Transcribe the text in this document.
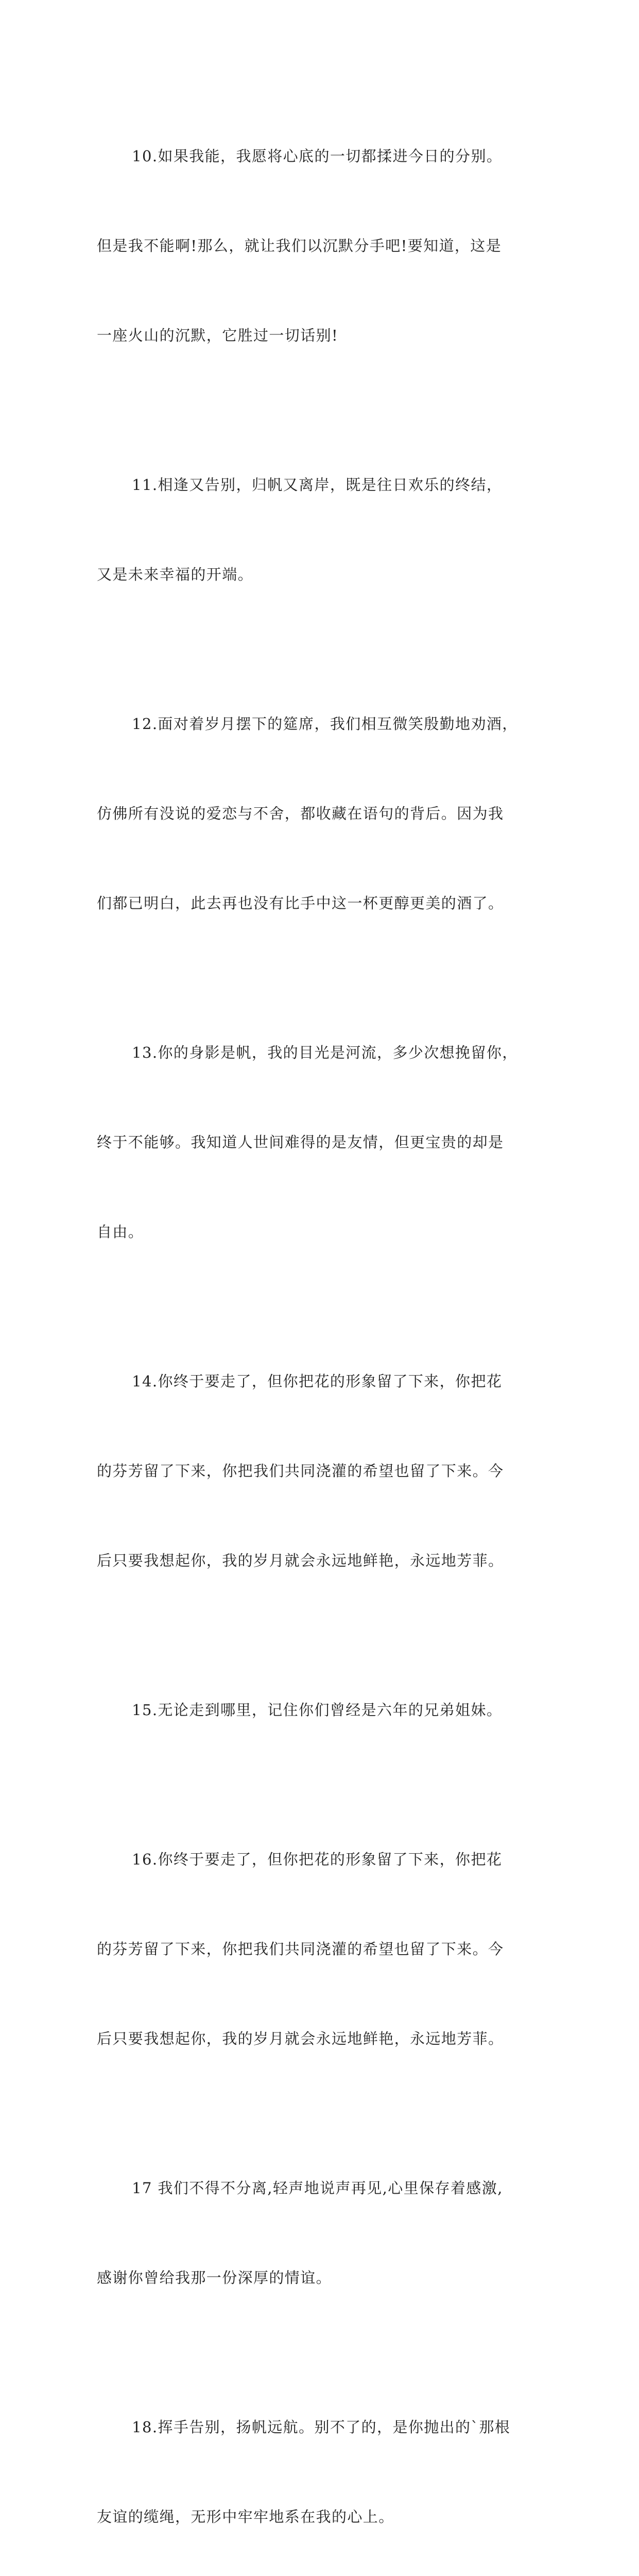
10.如果我能，我愿将心底的一切都揉进今日的分别。

但是我不能啊!那么，就让我们以沉默分手吧!要知道，这是

一座火山的沉默，它胜过一切话别!

11.相逢又告别，归帆又离岸，既是往日欢乐的终结，

又是未来幸福的开端。

12.面对着岁月摆下的筵席，我们相互微笑殷勤地劝酒，

仿佛所有没说的爱恋与不舍，都收藏在语句的背后。因为我

们都已明白，此去再也没有比手中这一杯更醇更美的酒了。

13.你的身影是帆，我的目光是河流，多少次想挽留你，

终于不能够。我知道人世间难得的是友情，但更宝贵的却是

自由。

14.你终于要走了，但你把花的形象留了下来，你把花

的芬芳留了下来，你把我们共同浇灌的希望也留了下来。今

后只要我想起你，我的岁月就会永远地鲜艳，永远地芳菲。

15.无论走到哪里，记住你们曾经是六年的兄弟姐妹。

16.你终于要走了，但你把花的形象留了下来，你把花

的芬芳留了下来，你把我们共同浇灌的希望也留了下来。今

后只要我想起你，我的岁月就会永远地鲜艳，永远地芳菲。

17 我们不得不分离,轻声地说声再见,心里保存着感激,

感谢你曾给我那一份深厚的情谊。

18.挥手告别，扬帆远航。别不了的，是你抛出的`那根

友谊的缆绳，无形中牢牢地系在我的心上。
